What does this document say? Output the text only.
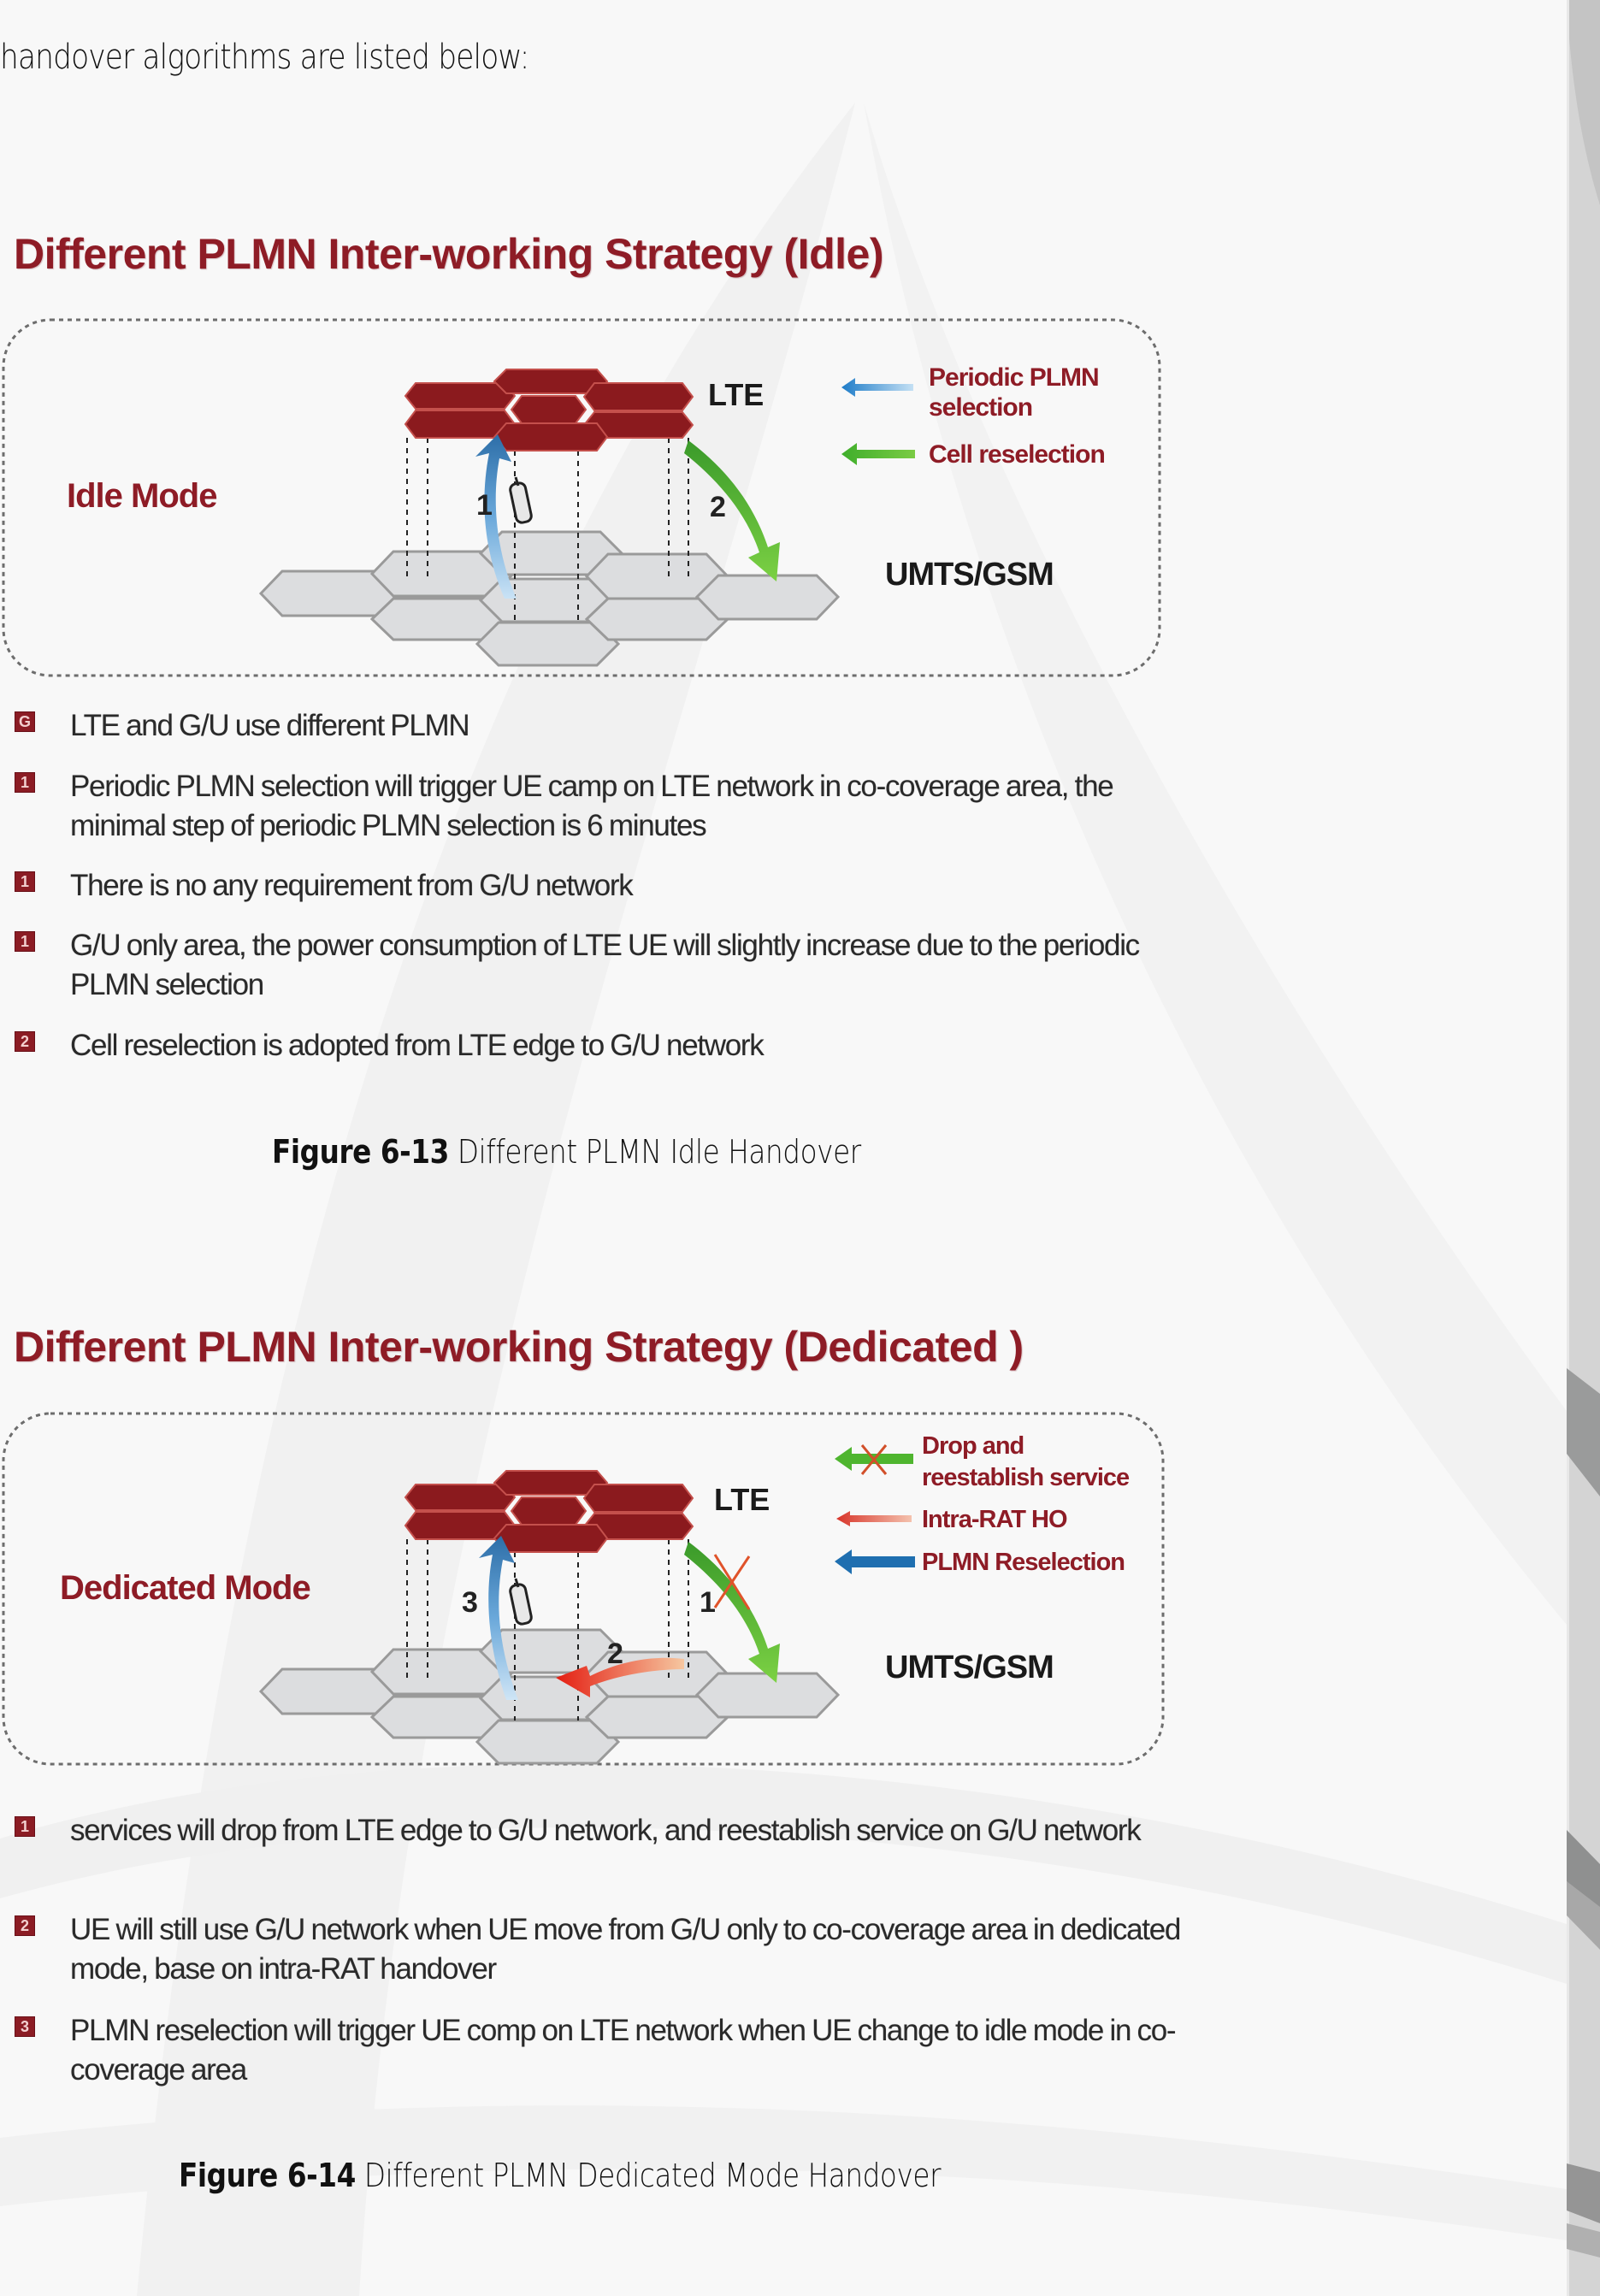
handover algorithms are listed below:
Different PLMN Inter-working Strategy (Idle)
1	2
Idle Mode
LTE
UMTS/GSM
Periodic PLMN
selection
Cell reselection
G LTE and G/U use different PLMN
1 Periodic PLMN selection will trigger UE camp on LTE network in co-coverage area, the minimal step of periodic PLMN selection is 6 minutes
1 There is no any requirement from G/U network
1 G/U only area, the power consumption of LTE UE will slightly increase due to the periodic PLMN selection
2 Cell reselection is adopted from LTE edge to G/U network
Figure 6-13 Different PLMN Idle Handover
Different PLMN Inter-working Strategy (Dedicated )
3	1
2
Dedicated Mode
LTE
UMTS/GSM
Drop and
reestablish service
Intra-RAT HO
PLMN Reselection
1 services will drop from LTE edge to G/U network, and reestablish service on G/U network
2 UE will still use G/U network when UE move from G/U only to co-coverage area in dedicated mode, base on intra-RAT handover
3 PLMN reselection will trigger UE comp on LTE network when UE change to idle mode in co-coverage area
Figure 6-14 Different PLMN Dedicated Mode Handover
